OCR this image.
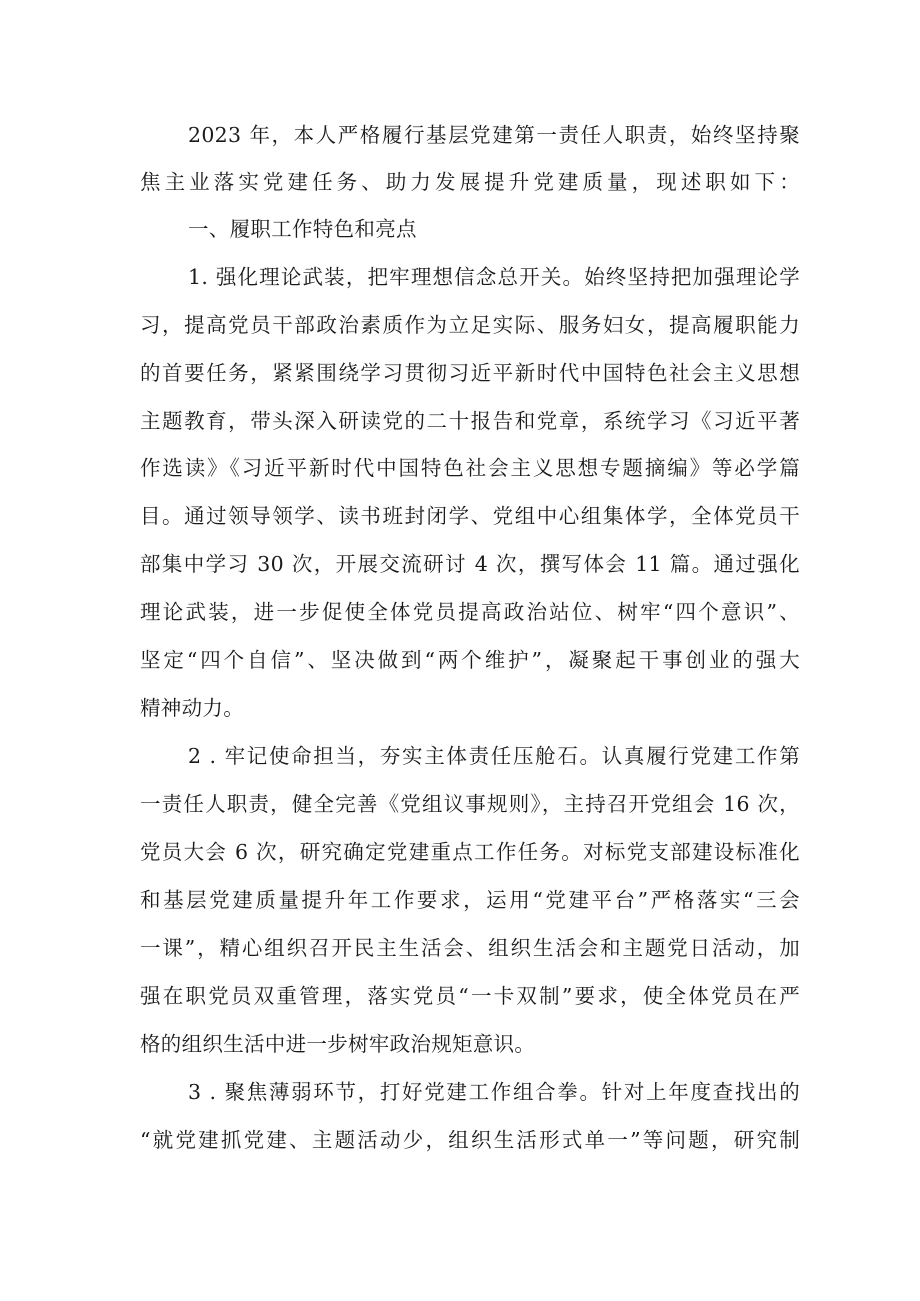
2023 年，本人严格履行基层党建第一责任人职责，始终坚持聚
焦主业落实党建任务、助力发展提升党建质量，现述职如下：
一、履职工作特色和亮点
1. 强化理论武装，把牢理想信念总开关。始终坚持把加强理论学
习，提高党员干部政治素质作为立足实际、服务妇女，提高履职能力
的首要任务，紧紧围绕学习贯彻习近平新时代中国特色社会主义思想
主题教育，带头深入研读党的二十报告和党章，系统学习《习近平著
作选读》《习近平新时代中国特色社会主义思想专题摘编》等必学篇
目。通过领导领学、读书班封闭学、党组中心组集体学，全体党员干
部集中学习 30 次，开展交流研讨 4 次，撰写体会 11 篇。通过强化
理论武装，进一步促使全体党员提高政治站位、树牢“四个意识”、
坚定“四个自信”、坚决做到“两个维护”，凝聚起干事创业的强大
精神动力。
2 . 牢记使命担当，夯实主体责任压舱石。认真履行党建工作第
一责任人职责，健全完善《党组议事规则》，主持召开党组会 16 次，
党员大会 6 次，研究确定党建重点工作任务。对标党支部建设标准化
和基层党建质量提升年工作要求，运用“党建平台”严格落实“三会
一课”，精心组织召开民主生活会、组织生活会和主题党日活动，加
强在职党员双重管理，落实党员“一卡双制”要求，使全体党员在严
格的组织生活中进一步树牢政治规矩意识。
3 . 聚焦薄弱环节，打好党建工作组合拳。针对上年度查找出的
“就党建抓党建、主题活动少，组织生活形式单一”等问题，研究制
